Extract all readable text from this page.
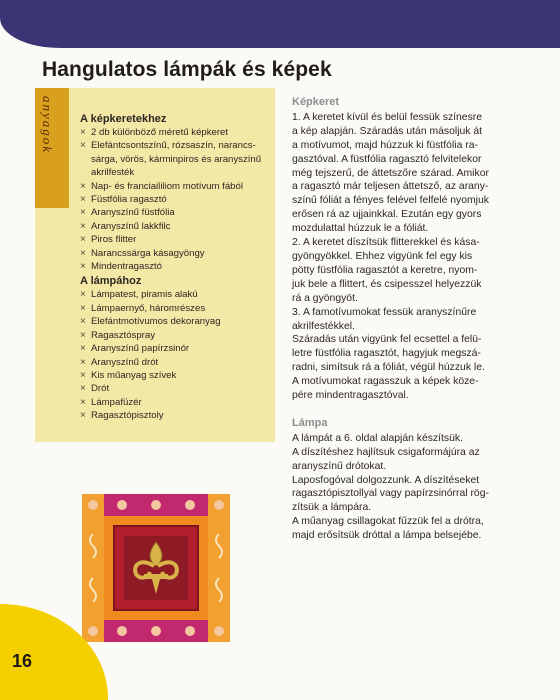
Hangulatos lámpák és képek
anyagok A képkeretekhez
× 2 db különböző méretű képkeret
× Elefántcsontszínű, rózsaszín, narancs- sárga, vörös, kárminpiros és aranyszínű akrilfesték
× Nap- és franciaililiom motívum fából
× Füstfólia ragasztó
× Aranyszínű füstfólia
× Aranyszínű lakkfilc
× Piros flitter
× Narancssárga kásagyöngy
× Mindentragasztó
A lámpához
× Lámpatest, piramis alakú
× Lámpaernyő, háromrészes
× Elefántmotívumos dekoranyag
× Ragasztóspray
× Aranyszínű papírzsinór
× Aranyszínű drót
× Kis műanyag szívek
× Drót
× Lámpafüzér
× Ragasztópisztoly
Képkeret

1. A keretet kívül és belül fessük színesre

a kép alapján. Száradás után másoljuk át

a motívumot, majd húzzuk ki füstfólia ra-

gasztóval. A füstfólia ragasztó felvitelekor

még tejszerű, de áttetszőre szárad. Amikor

a ragasztó már teljesen áttetsző, az arany-

színű fóliát a fényes felével felfelé nyomjuk

erősen rá az ujjainkkal. Ezután egy gyors

mozdulattal húzzuk le a fóliát.

2. A keretet díszítsük flitterekkel és kása-

gyöngyökkel. Ehhez vigyünk fel egy kis

pötty füstfólia ragasztót a keretre, nyom-

juk bele a flittert, és csipesszel helyezzük

rá a gyöngyöt.

3. A famotívumokat fessük aranyszínűre

akrilfestékkel.

Száradás után vigyünk fel ecsettel a felü-

letre füstfólia ragasztót, hagyjuk megszá-

radni, simítsuk rá a fóliát, végül húzzuk le.

A motívumokat ragasszuk a képek köze-

pére mindentragasztóval.

Lámpa

A lámpát a 6. oldal alapján készítsük.

A díszítéshez hajlítsuk csigaformájúra az

aranyszínű drótokat.

Laposfogóval dolgozzunk. A díszítéseket

ragasztópisztollyal vagy papírzsinórral rög-

zítsük a lámpára.

A műanyag csillagokat fűzzük fel a drótra,

majd erősítsük dróttal a lámpa belsejébe.

16
